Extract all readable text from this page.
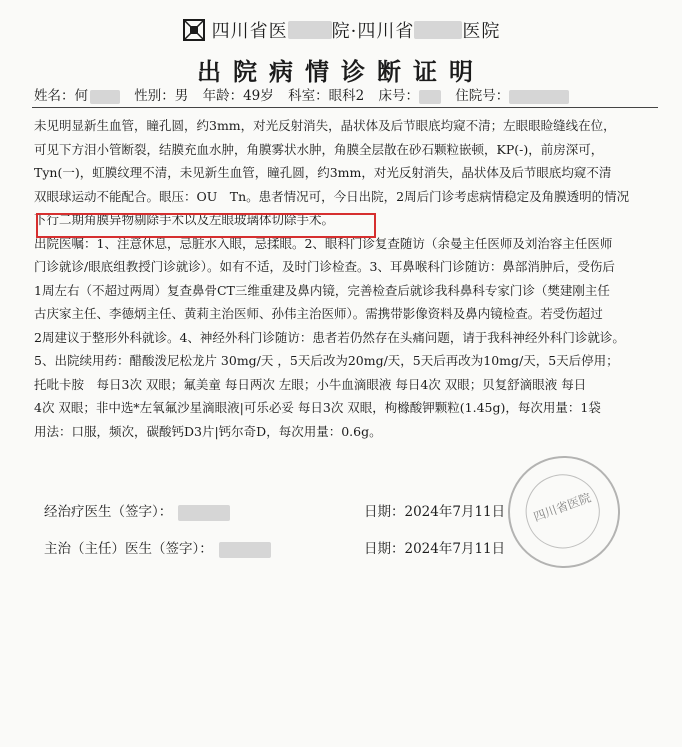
四川省医 院·四川省	医院
出院病情诊断证明
姓名：何	性别：男 年龄：49岁 科室：眼科2 床号：	住院号：
未见明显新生血管，瞳孔圆，约3mm，对光反射消失，晶状体及后节眼底均窥不清；左眼眼睑缝线在位，
可见下方泪小管断裂，结膜充血水肿，角膜雾状水肿，角膜全层散在砂石颗粒嵌顿，KP(-)，前房深可，
Tyn(一)，虹膜纹理不清，未见新生血管，瞳孔圆，约3mm，对光反射消失，晶状体及后节眼底均窥不清
双眼球运动不能配合。眼压：OU　Tn。患者情况可，今日出院，2周后门诊考虑病情稳定及角膜透明的情况
下行二期角膜异物剔除手术以及左眼玻璃体切除手术。
出院医嘱：1、注意休息，忌脏水入眼，忌揉眼。2、眼科门诊复查随访（余曼主任医师及刘治容主任医师
门诊就诊/眼底组教授门诊就诊）。如有不适，及时门诊检查。3、耳鼻喉科门诊随访：鼻部消肿后，受伤后
1周左右（不超过两周）复查鼻骨CT三维重建及鼻内镜，完善检查后就诊我科鼻科专家门诊（樊建刚主任
古庆家主任、李德炳主任、黄莉主治医师、孙伟主治医师）。需携带影像资料及鼻内镜检查。若受伤超过
2周建议于整形外科就诊。4、神经外科门诊随访：患者若仍然存在头痛问题，请于我科神经外科门诊就诊。
5、出院续用药：醋酸泼尼松龙片 30mg/天 ，5天后改为20mg/天，5天后再改为10mg/天，5天后停用；
托吡卡胺　每日3次 双眼；氟美童 每日两次 左眼；小牛血滴眼液 每日4次 双眼；贝复舒滴眼液 每日
4次 双眼；非中选*左氧氟沙星滴眼液|可乐必妥 每日3次 双眼，枸橼酸钾颗粒(1.45g)，每次用量：1袋
用法：口服，频次，碳酸钙D3片|钙尔奇D，每次用量：0.6g。
四川省医院
经治疗医生（签字）：	日期：2024年7月11日
主治（主任）医生（签字）：	日期：2024年7月11日
